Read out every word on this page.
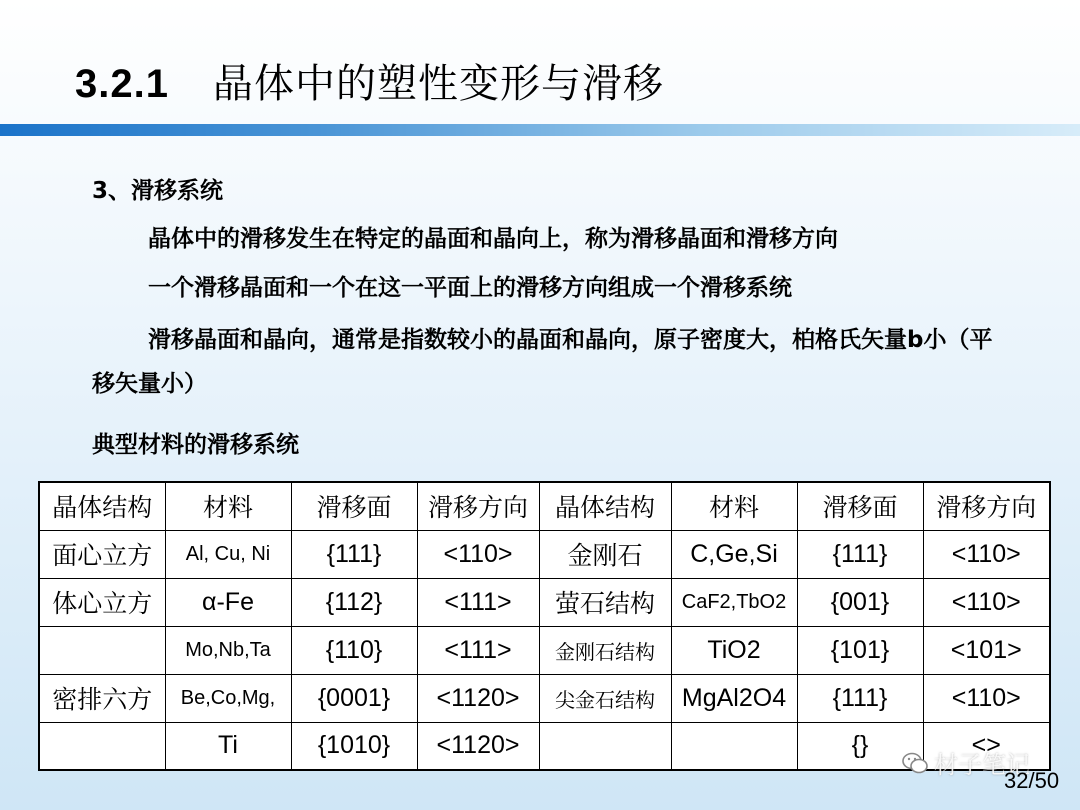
3.2.1 晶体中的塑性变形与滑移
3、滑移系统
晶体中的滑移发生在特定的晶面和晶向上，称为滑移晶面和滑移方向
一个滑移晶面和一个在这一平面上的滑移方向组成一个滑移系统
滑移晶面和晶向，通常是指数较小的晶面和晶向，原子密度大，柏格氏矢量b小（平移矢量小）
典型材料的滑移系统
晶体结构	材料	滑移面	滑移方向	晶体结构	材料	滑移面	滑移方向
面心立方	Al, Cu, Ni	{111}	<110>	金刚石	C,Ge,Si	{111}	<110>
体心立方	α-Fe	{112}	<111>	萤石结构	CaF2,TbO2	{001}	<110>
	Mo,Nb,Ta	{110}	<111>	金刚石结构	TiO2	{101}	<101>
密排六方	Be,Co,Mg,	{0001}	<1120>	尖金石结构	MgAl2O4	{111}	<110>
	Ti	{1010}	<1120>			{}	<>
材子笔记
32/50
